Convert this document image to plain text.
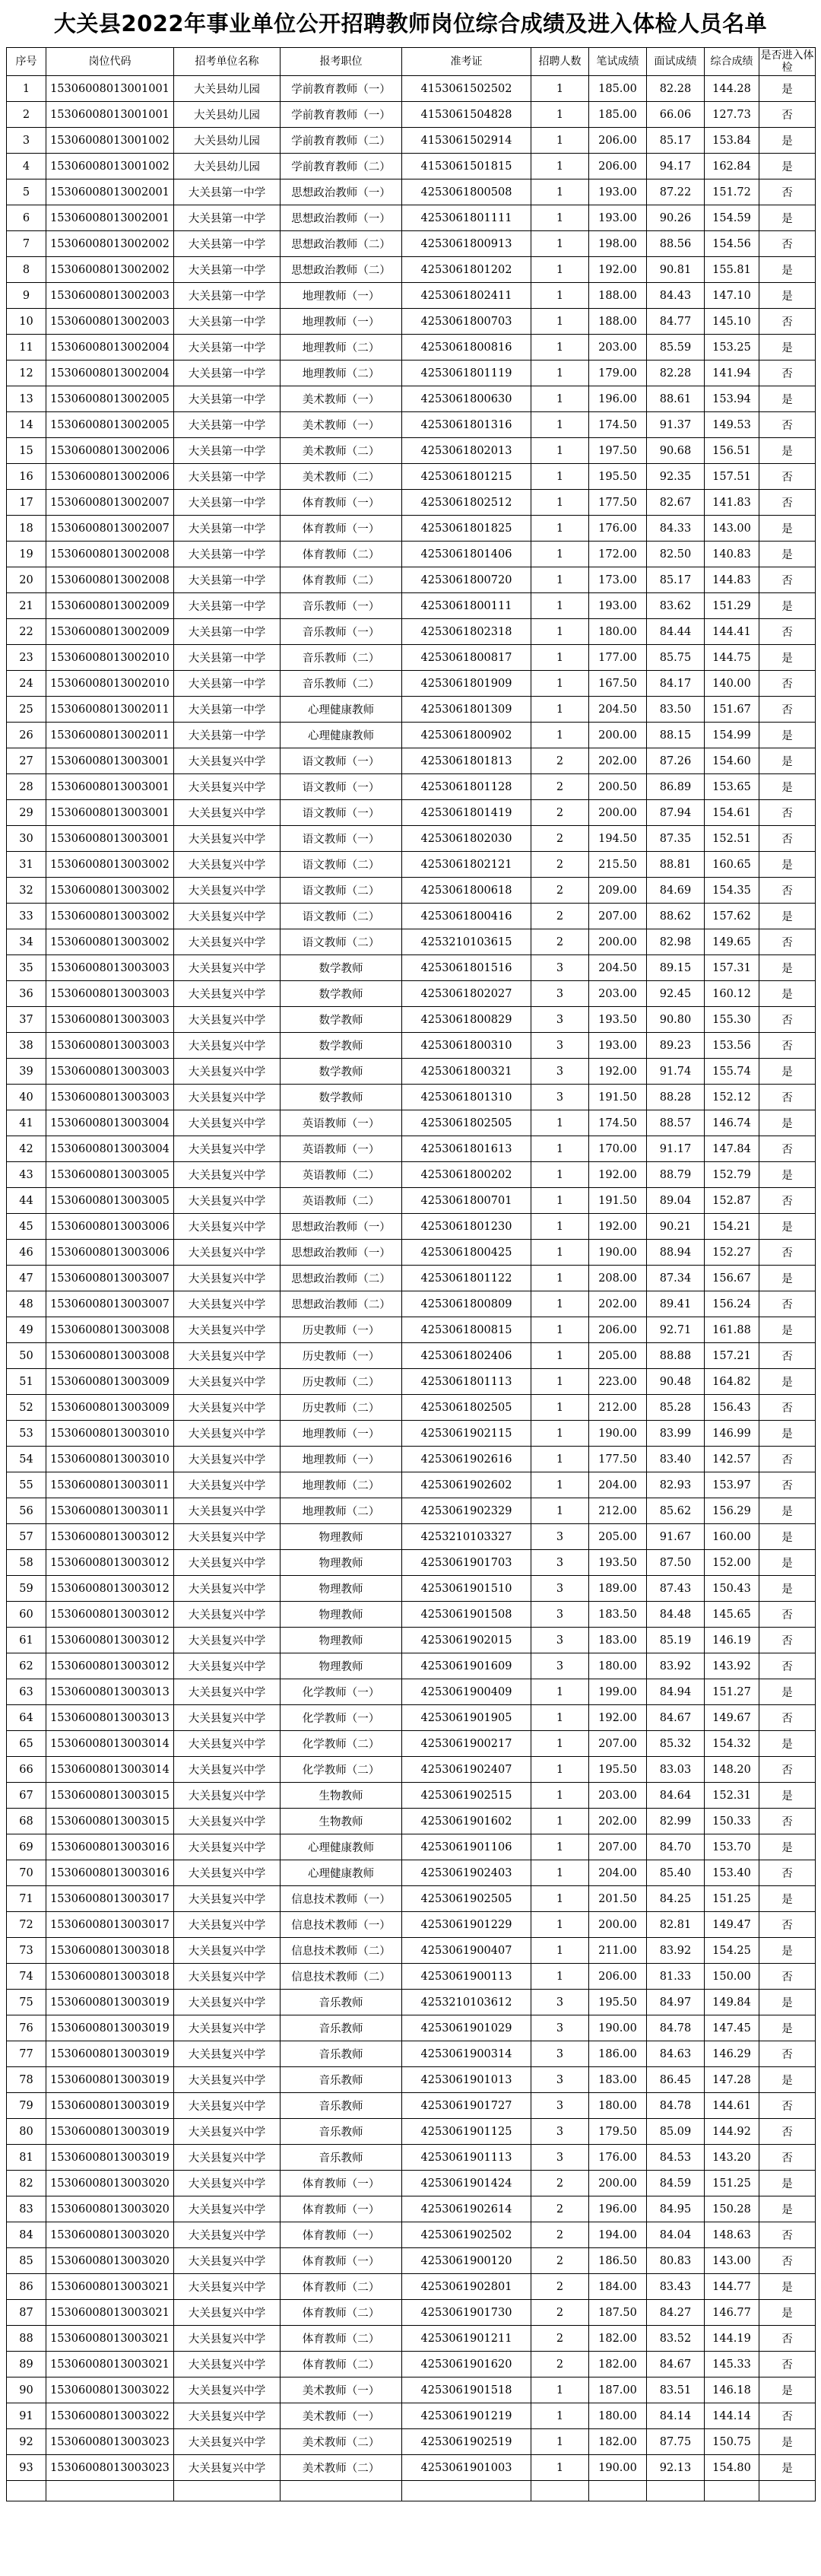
大关县2022年事业单位公开招聘教师岗位综合成绩及进入体检人员名单
序号	岗位代码	招考单位名称	报考职位	准考证	招聘人数	笔试成绩	面试成绩	综合成绩	是否进入体检
1	15306008013001001	大关县幼儿园	学前教育教师（一）	4153061502502	1	185.00	82.28	144.28	是
2	15306008013001001	大关县幼儿园	学前教育教师（一）	4153061504828	1	185.00	66.06	127.73	否
3	15306008013001002	大关县幼儿园	学前教育教师（二）	4153061502914	1	206.00	85.17	153.84	是
4	15306008013001002	大关县幼儿园	学前教育教师（二）	4153061501815	1	206.00	94.17	162.84	是
5	15306008013002001	大关县第一中学	思想政治教师（一）	4253061800508	1	193.00	87.22	151.72	否
6	15306008013002001	大关县第一中学	思想政治教师（一）	4253061801111	1	193.00	90.26	154.59	是
7	15306008013002002	大关县第一中学	思想政治教师（二）	4253061800913	1	198.00	88.56	154.56	否
8	15306008013002002	大关县第一中学	思想政治教师（二）	4253061801202	1	192.00	90.81	155.81	是
9	15306008013002003	大关县第一中学	地理教师（一）	4253061802411	1	188.00	84.43	147.10	是
10	15306008013002003	大关县第一中学	地理教师（一）	4253061800703	1	188.00	84.77	145.10	否
11	15306008013002004	大关县第一中学	地理教师（二）	4253061800816	1	203.00	85.59	153.25	是
12	15306008013002004	大关县第一中学	地理教师（二）	4253061801119	1	179.00	82.28	141.94	否
13	15306008013002005	大关县第一中学	美术教师（一）	4253061800630	1	196.00	88.61	153.94	是
14	15306008013002005	大关县第一中学	美术教师（一）	4253061801316	1	174.50	91.37	149.53	否
15	15306008013002006	大关县第一中学	美术教师（二）	4253061802013	1	197.50	90.68	156.51	是
16	15306008013002006	大关县第一中学	美术教师（二）	4253061801215	1	195.50	92.35	157.51	否
17	15306008013002007	大关县第一中学	体育教师（一）	4253061802512	1	177.50	82.67	141.83	否
18	15306008013002007	大关县第一中学	体育教师（一）	4253061801825	1	176.00	84.33	143.00	是
19	15306008013002008	大关县第一中学	体育教师（二）	4253061801406	1	172.00	82.50	140.83	是
20	15306008013002008	大关县第一中学	体育教师（二）	4253061800720	1	173.00	85.17	144.83	否
21	15306008013002009	大关县第一中学	音乐教师（一）	4253061800111	1	193.00	83.62	151.29	是
22	15306008013002009	大关县第一中学	音乐教师（一）	4253061802318	1	180.00	84.44	144.41	否
23	15306008013002010	大关县第一中学	音乐教师（二）	4253061800817	1	177.00	85.75	144.75	是
24	15306008013002010	大关县第一中学	音乐教师（二）	4253061801909	1	167.50	84.17	140.00	否
25	15306008013002011	大关县第一中学	心理健康教师	4253061801309	1	204.50	83.50	151.67	否
26	15306008013002011	大关县第一中学	心理健康教师	4253061800902	1	200.00	88.15	154.99	是
27	15306008013003001	大关县复兴中学	语文教师（一）	4253061801813	2	202.00	87.26	154.60	是
28	15306008013003001	大关县复兴中学	语文教师（一）	4253061801128	2	200.50	86.89	153.65	是
29	15306008013003001	大关县复兴中学	语文教师（一）	4253061801419	2	200.00	87.94	154.61	否
30	15306008013003001	大关县复兴中学	语文教师（一）	4253061802030	2	194.50	87.35	152.51	否
31	15306008013003002	大关县复兴中学	语文教师（二）	4253061802121	2	215.50	88.81	160.65	是
32	15306008013003002	大关县复兴中学	语文教师（二）	4253061800618	2	209.00	84.69	154.35	否
33	15306008013003002	大关县复兴中学	语文教师（二）	4253061800416	2	207.00	88.62	157.62	是
34	15306008013003002	大关县复兴中学	语文教师（二）	4253210103615	2	200.00	82.98	149.65	否
35	15306008013003003	大关县复兴中学	数学教师	4253061801516	3	204.50	89.15	157.31	是
36	15306008013003003	大关县复兴中学	数学教师	4253061802027	3	203.00	92.45	160.12	是
37	15306008013003003	大关县复兴中学	数学教师	4253061800829	3	193.50	90.80	155.30	否
38	15306008013003003	大关县复兴中学	数学教师	4253061800310	3	193.00	89.23	153.56	否
39	15306008013003003	大关县复兴中学	数学教师	4253061800321	3	192.00	91.74	155.74	是
40	15306008013003003	大关县复兴中学	数学教师	4253061801310	3	191.50	88.28	152.12	否
41	15306008013003004	大关县复兴中学	英语教师（一）	4253061802505	1	174.50	88.57	146.74	是
42	15306008013003004	大关县复兴中学	英语教师（一）	4253061801613	1	170.00	91.17	147.84	否
43	15306008013003005	大关县复兴中学	英语教师（二）	4253061800202	1	192.00	88.79	152.79	是
44	15306008013003005	大关县复兴中学	英语教师（二）	4253061800701	1	191.50	89.04	152.87	否
45	15306008013003006	大关县复兴中学	思想政治教师（一）	4253061801230	1	192.00	90.21	154.21	是
46	15306008013003006	大关县复兴中学	思想政治教师（一）	4253061800425	1	190.00	88.94	152.27	否
47	15306008013003007	大关县复兴中学	思想政治教师（二）	4253061801122	1	208.00	87.34	156.67	是
48	15306008013003007	大关县复兴中学	思想政治教师（二）	4253061800809	1	202.00	89.41	156.24	否
49	15306008013003008	大关县复兴中学	历史教师（一）	4253061800815	1	206.00	92.71	161.88	是
50	15306008013003008	大关县复兴中学	历史教师（一）	4253061802406	1	205.00	88.88	157.21	否
51	15306008013003009	大关县复兴中学	历史教师（二）	4253061801113	1	223.00	90.48	164.82	是
52	15306008013003009	大关县复兴中学	历史教师（二）	4253061802505	1	212.00	85.28	156.43	否
53	15306008013003010	大关县复兴中学	地理教师（一）	4253061902115	1	190.00	83.99	146.99	是
54	15306008013003010	大关县复兴中学	地理教师（一）	4253061902616	1	177.50	83.40	142.57	否
55	15306008013003011	大关县复兴中学	地理教师（二）	4253061902602	1	204.00	82.93	153.97	否
56	15306008013003011	大关县复兴中学	地理教师（二）	4253061902329	1	212.00	85.62	156.29	是
57	15306008013003012	大关县复兴中学	物理教师	4253210103327	3	205.00	91.67	160.00	是
58	15306008013003012	大关县复兴中学	物理教师	4253061901703	3	193.50	87.50	152.00	是
59	15306008013003012	大关县复兴中学	物理教师	4253061901510	3	189.00	87.43	150.43	是
60	15306008013003012	大关县复兴中学	物理教师	4253061901508	3	183.50	84.48	145.65	否
61	15306008013003012	大关县复兴中学	物理教师	4253061902015	3	183.00	85.19	146.19	否
62	15306008013003012	大关县复兴中学	物理教师	4253061901609	3	180.00	83.92	143.92	否
63	15306008013003013	大关县复兴中学	化学教师（一）	4253061900409	1	199.00	84.94	151.27	是
64	15306008013003013	大关县复兴中学	化学教师（一）	4253061901905	1	192.00	84.67	149.67	否
65	15306008013003014	大关县复兴中学	化学教师（二）	4253061900217	1	207.00	85.32	154.32	是
66	15306008013003014	大关县复兴中学	化学教师（二）	4253061902407	1	195.50	83.03	148.20	否
67	15306008013003015	大关县复兴中学	生物教师	4253061902515	1	203.00	84.64	152.31	是
68	15306008013003015	大关县复兴中学	生物教师	4253061901602	1	202.00	82.99	150.33	否
69	15306008013003016	大关县复兴中学	心理健康教师	4253061901106	1	207.00	84.70	153.70	是
70	15306008013003016	大关县复兴中学	心理健康教师	4253061902403	1	204.00	85.40	153.40	否
71	15306008013003017	大关县复兴中学	信息技术教师（一）	4253061902505	1	201.50	84.25	151.25	是
72	15306008013003017	大关县复兴中学	信息技术教师（一）	4253061901229	1	200.00	82.81	149.47	否
73	15306008013003018	大关县复兴中学	信息技术教师（二）	4253061900407	1	211.00	83.92	154.25	是
74	15306008013003018	大关县复兴中学	信息技术教师（二）	4253061900113	1	206.00	81.33	150.00	否
75	15306008013003019	大关县复兴中学	音乐教师	4253210103612	3	195.50	84.97	149.84	是
76	15306008013003019	大关县复兴中学	音乐教师	4253061901029	3	190.00	84.78	147.45	是
77	15306008013003019	大关县复兴中学	音乐教师	4253061900314	3	186.00	84.63	146.29	否
78	15306008013003019	大关县复兴中学	音乐教师	4253061901013	3	183.00	86.45	147.28	是
79	15306008013003019	大关县复兴中学	音乐教师	4253061901727	3	180.00	84.78	144.61	否
80	15306008013003019	大关县复兴中学	音乐教师	4253061901125	3	179.50	85.09	144.92	否
81	15306008013003019	大关县复兴中学	音乐教师	4253061901113	3	176.00	84.53	143.20	否
82	15306008013003020	大关县复兴中学	体育教师（一）	4253061901424	2	200.00	84.59	151.25	是
83	15306008013003020	大关县复兴中学	体育教师（一）	4253061902614	2	196.00	84.95	150.28	是
84	15306008013003020	大关县复兴中学	体育教师（一）	4253061902502	2	194.00	84.04	148.63	否
85	15306008013003020	大关县复兴中学	体育教师（一）	4253061900120	2	186.50	80.83	143.00	否
86	15306008013003021	大关县复兴中学	体育教师（二）	4253061902801	2	184.00	83.43	144.77	是
87	15306008013003021	大关县复兴中学	体育教师（二）	4253061901730	2	187.50	84.27	146.77	是
88	15306008013003021	大关县复兴中学	体育教师（二）	4253061901211	2	182.00	83.52	144.19	否
89	15306008013003021	大关县复兴中学	体育教师（二）	4253061901620	2	182.00	84.67	145.33	否
90	15306008013003022	大关县复兴中学	美术教师（一）	4253061901518	1	187.00	83.51	146.18	是
91	15306008013003022	大关县复兴中学	美术教师（一）	4253061901219	1	180.00	84.14	144.14	否
92	15306008013003023	大关县复兴中学	美术教师（二）	4253061902519	1	182.00	87.75	150.75	是
93	15306008013003023	大关县复兴中学	美术教师（二）	4253061901003	1	190.00	92.13	154.80	是
